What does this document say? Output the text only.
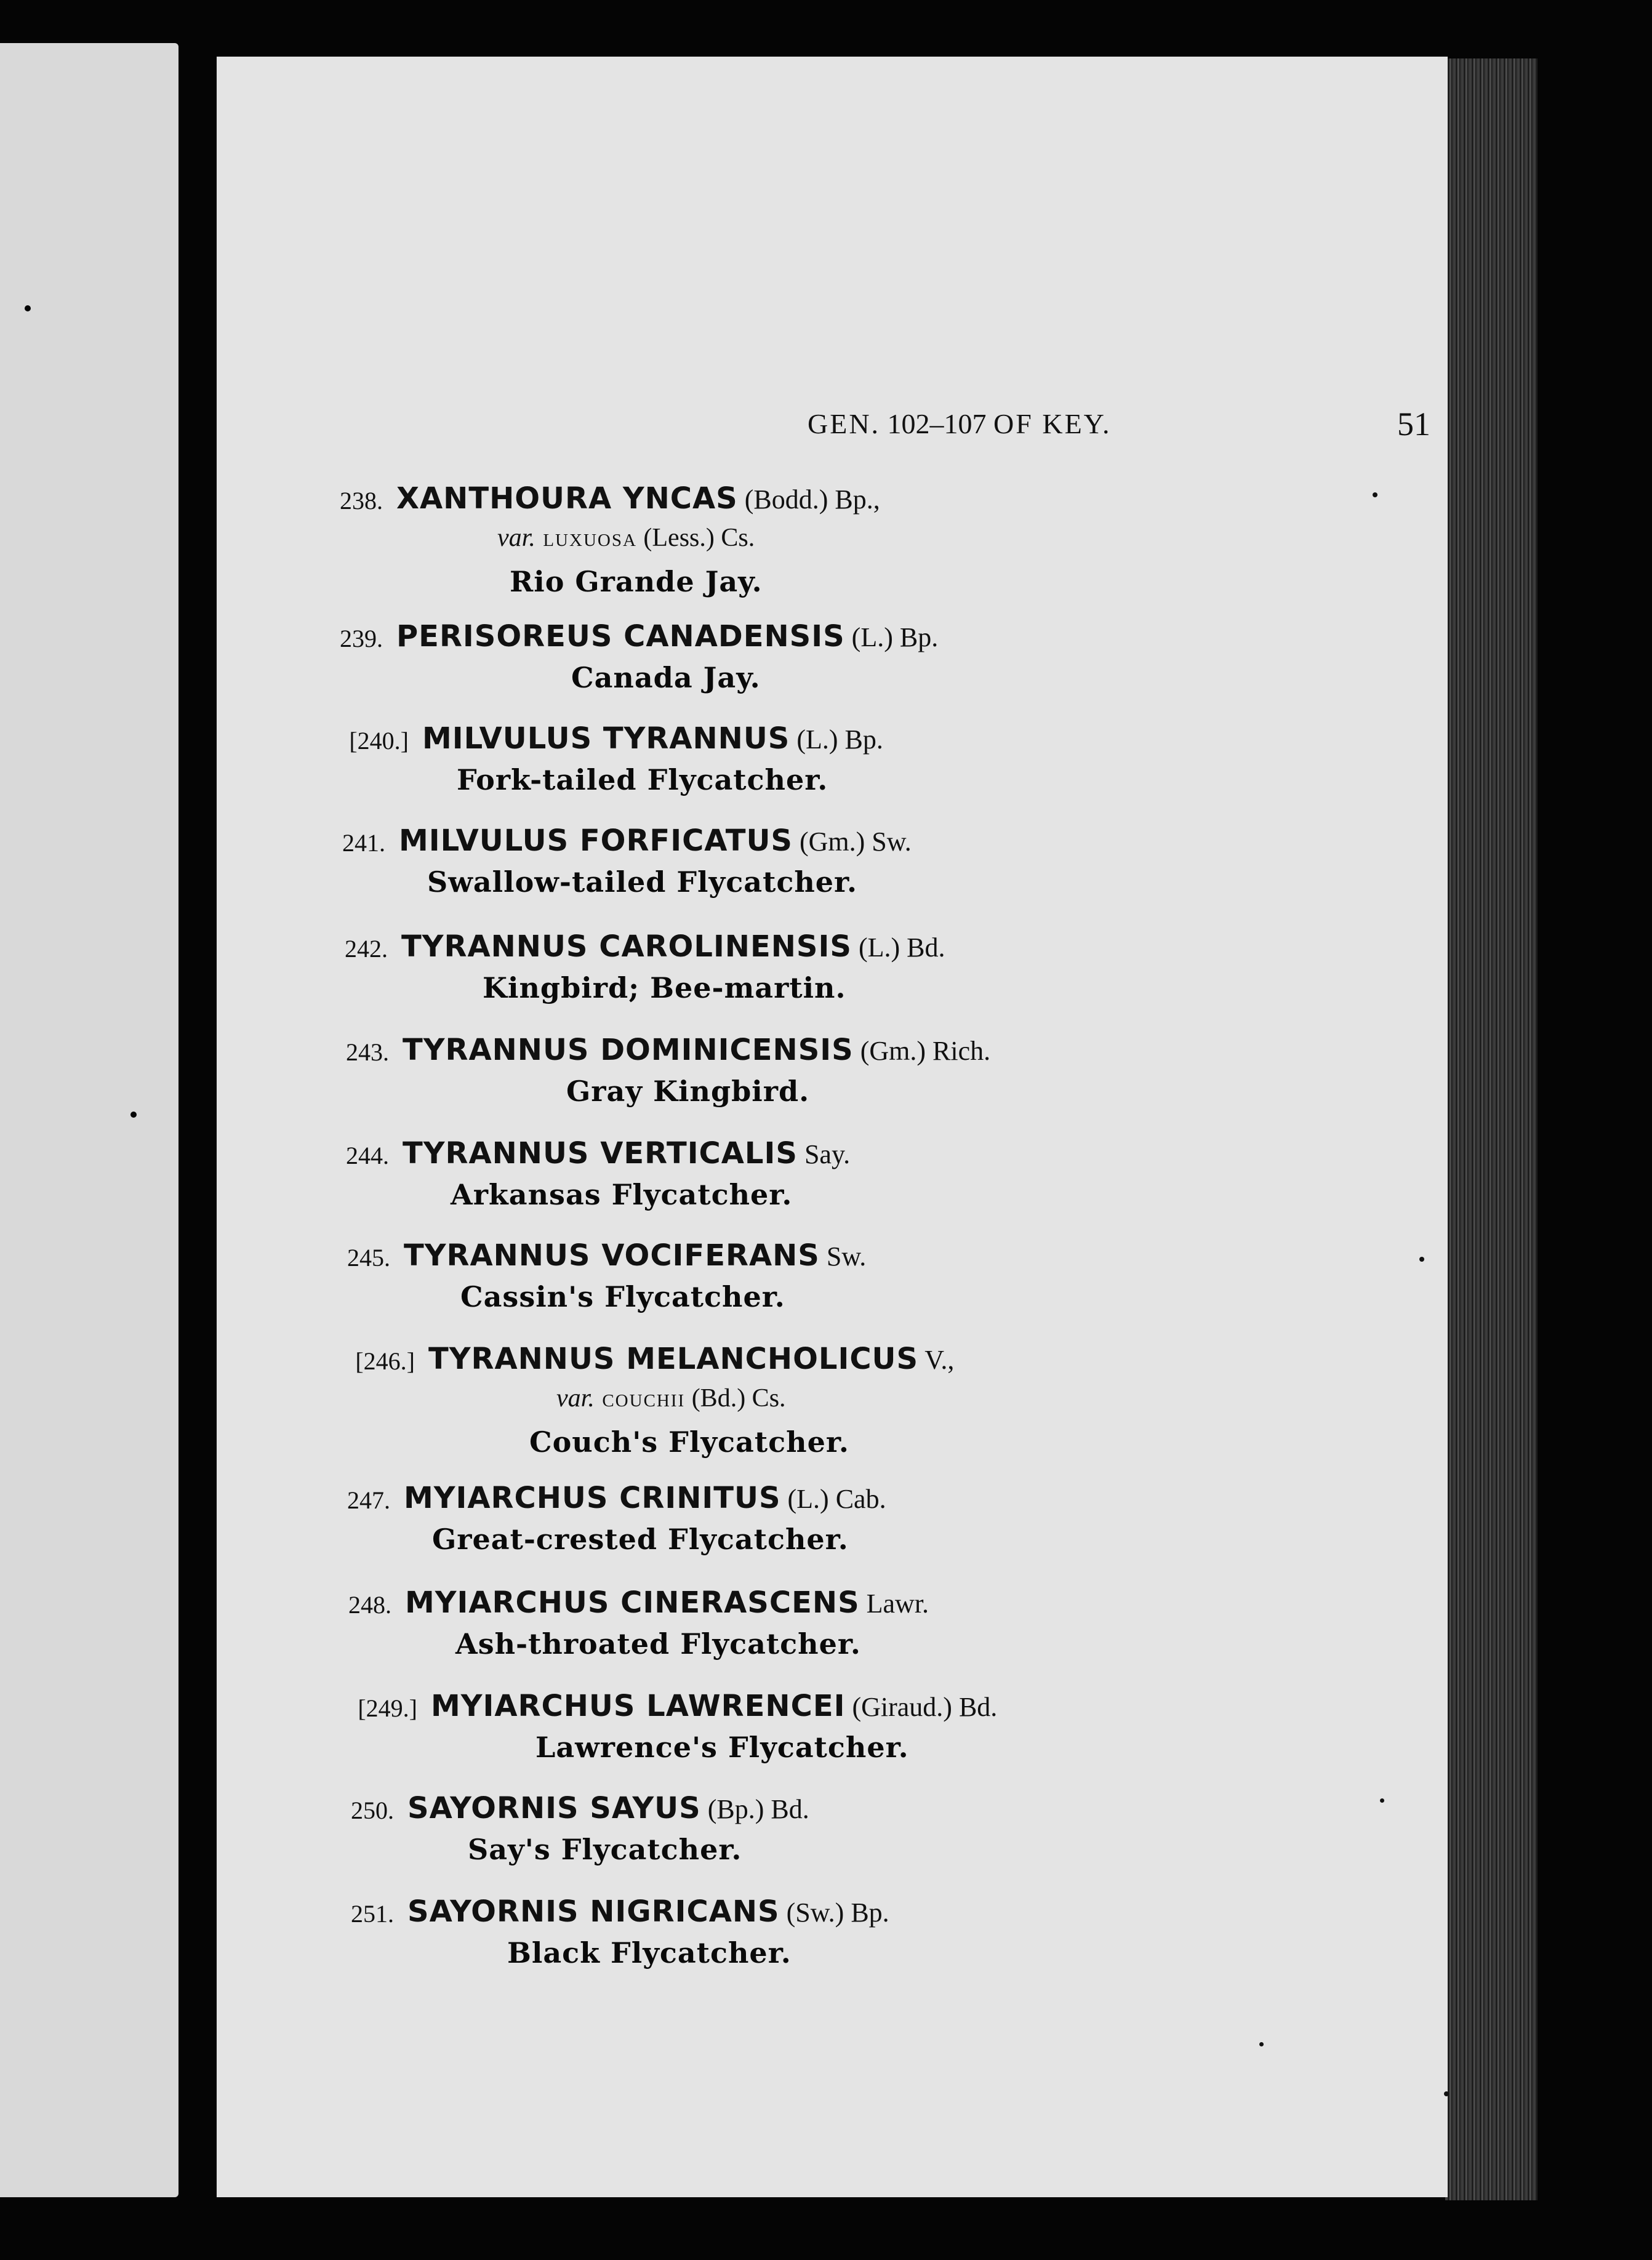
GEN. 102–107 OF KEY.	51
238. XANTHOURA YNCAS (Bodd.) Bp.,
var. luxuosa (Less.) Cs.
Rio Grande Jay.
239. PERISOREUS CANADENSIS (L.) Bp.
Canada Jay.
[240.] MILVULUS TYRANNUS (L.) Bp.
Fork-tailed Flycatcher.
241. MILVULUS FORFICATUS (Gm.) Sw.
Swallow-tailed Flycatcher.
242. TYRANNUS CAROLINENSIS (L.) Bd.
Kingbird; Bee-martin.
243. TYRANNUS DOMINICENSIS (Gm.) Rich.
Gray Kingbird.
244. TYRANNUS VERTICALIS Say.
Arkansas Flycatcher.
245. TYRANNUS VOCIFERANS Sw.
Cassin's Flycatcher.
[246.] TYRANNUS MELANCHOLICUS V.,
var. couchii (Bd.) Cs.
Couch's Flycatcher.
247. MYIARCHUS CRINITUS (L.) Cab.
Great-crested Flycatcher.
248. MYIARCHUS CINERASCENS Lawr.
Ash-throated Flycatcher.
[249.] MYIARCHUS LAWRENCEI (Giraud.) Bd.
Lawrence's Flycatcher.
250. SAYORNIS SAYUS (Bp.) Bd.
Say's Flycatcher.
251. SAYORNIS NIGRICANS (Sw.) Bp.
Black Flycatcher.
